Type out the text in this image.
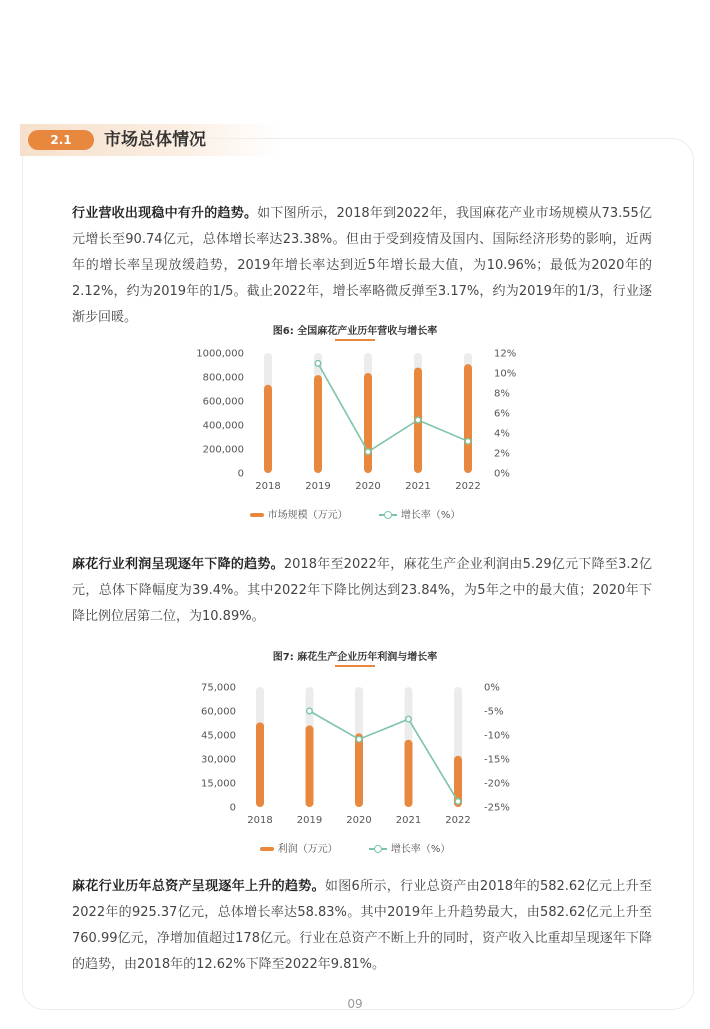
2.1	市场总体情况

行业营收出现稳中有升的趋势。如下图所示，2018年到2022年，我国麻花产业市场规模从73.55亿元增长至90.74亿元，总体增长率达23.38%。但由于受到疫情及国内、国际经济形势的影响，近两年的增长率呈现放缓趋势，2019年增长率达到近5年增长最大值，为10.96%；最低为2020年的2.12%，约为2019年的1/5。截止2022年，增长率略微反弹至3.17%，约为2019年的1/3，行业逐渐步回暖。

图6: 全国麻花产业历年营收与增长率
0
200,000
400,000
600,000
800,000
1000,000
0%
2%
4%
6%
8%
10%
12%
2018 2019 2020 2021 2022
市场规模（万元）	增长率（%）

麻花行业利润呈现逐年下降的趋势。2018年至2022年，麻花生产企业利润由5.29亿元下降至3.2亿元，总体下降幅度为39.4%。其中2022年下降比例达到23.84%，为5年之中的最大值；2020年下降比例位居第二位，为10.89%。

图7: 麻花生产企业历年利润与增长率
0
15,000
30,000
45,000
60,000
75,000
-25%
-20%
-15%
-10%
-5%
0%
2018 2019 2020 2021 2022
利润（万元）	增长率（%）

麻花行业历年总资产呈现逐年上升的趋势。如图6所示，行业总资产由2018年的582.62亿元上升至2022年的925.37亿元，总体增长率达58.83%。其中2019年上升趋势最大，由582.62亿元上升至760.99亿元，净增加值超过178亿元。行业在总资产不断上升的同时，资产收入比重却呈现逐年下降的趋势，由2018年的12.62%下降至2022年9.81%。

09
